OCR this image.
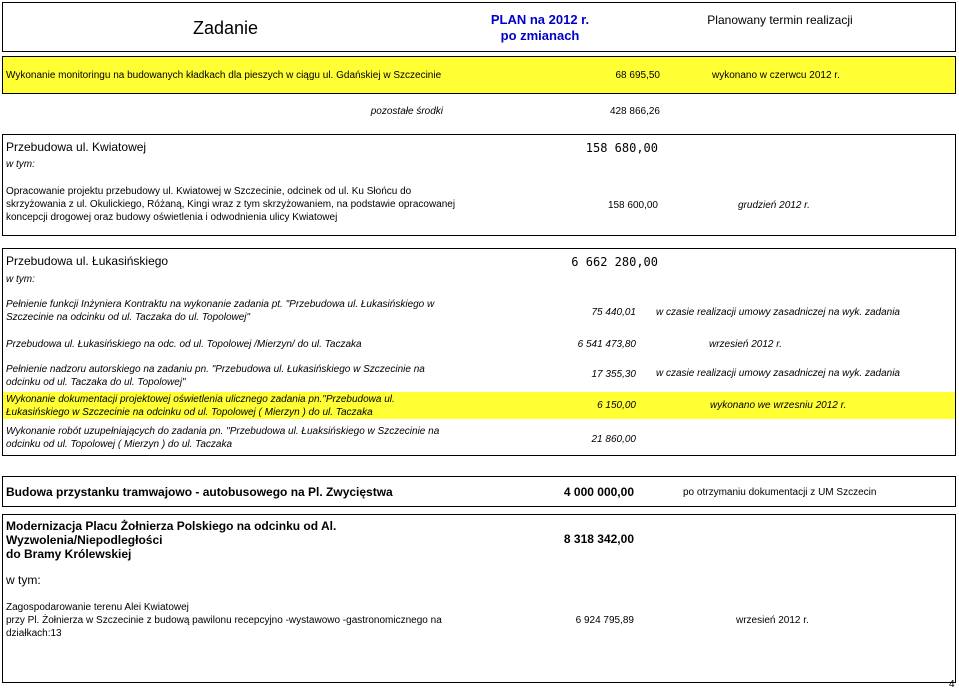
Zadanie	PLAN na 2012 r.
po zmianach
Planowany termin realizacji
Wykonanie monitoringu na budowanych kładkach dla pieszych w ciągu ul. Gdańskiej w Szczecinie	68 695,50	wykonano w czerwcu 2012 r.
pozostałe środki	428 866,26
Przebudowa ul. Kwiatowej	158 680,00
w tym:
Opracowanie projektu przebudowy ul. Kwiatowej w Szczecinie, odcinek od ul. Ku Słońcu do
skrzyżowania z ul. Okulickiego, Różaną, Kingi wraz z tym skrzyżowaniem, na podstawie opracowanej
koncepcji drogowej oraz budowy oświetlenia i odwodnienia ulicy Kwiatowej
158 600,00	grudzień 2012 r.
Przebudowa ul. Łukasińskiego	6 662 280,00
w tym:
Pełnienie funkcji Inżyniera Kontraktu na wykonanie zadania pt. "Przebudowa ul. Łukasińskiego w
Szczecinie na odcinku od ul. Taczaka do ul. Topolowej"	75 440,01 w czasie realizacji umowy zasadniczej na wyk. zadania
Przebudowa ul. Łukasińskiego na odc. od ul. Topolowej /Mierzyn/ do ul. Taczaka	6 541 473,80	wrzesień 2012 r.
Pełnienie nadzoru autorskiego na zadaniu pn. "Przebudowa ul. Łukasińskiego w Szczecinie na
odcinku od ul. Taczaka do ul. Topolowej"
17 355,30 w czasie realizacji umowy zasadniczej na wyk. zadania
Wykonanie dokumentacji projektowej oświetlenia ulicznego zadania pn."Przebudowa ul.
Łukasińskiego w Szczecinie na odcinku od ul. Topolowej ( Mierzyn ) do ul. Taczaka
6 150,00	wykonano we wrzesniu 2012 r.
Wykonanie robót uzupełniających do zadania pn. "Przebudowa ul. Łuaksińskiego w Szczecinie na
odcinku od ul. Topolowej ( Mierzyn ) do ul. Taczaka	21 860,00
Budowa przystanku tramwajowo - autobusowego na Pl. Zwycięstwa	4 000 000,00	po otrzymaniu dokumentacji z UM Szczecin
Modernizacja Placu Żołnierza Polskiego na odcinku od Al.
Wyzwolenia/Niepodległości
do Bramy Królewskiej
8 318 342,00
w tym:
Zagospodarowanie terenu Alei Kwiatowej
przy Pl. Żołnierza w Szczecinie z budową pawilonu recepcyjno -wystawowo -gastronomicznego na
działkach:13
6 924 795,89	wrzesień 2012 r.
4
